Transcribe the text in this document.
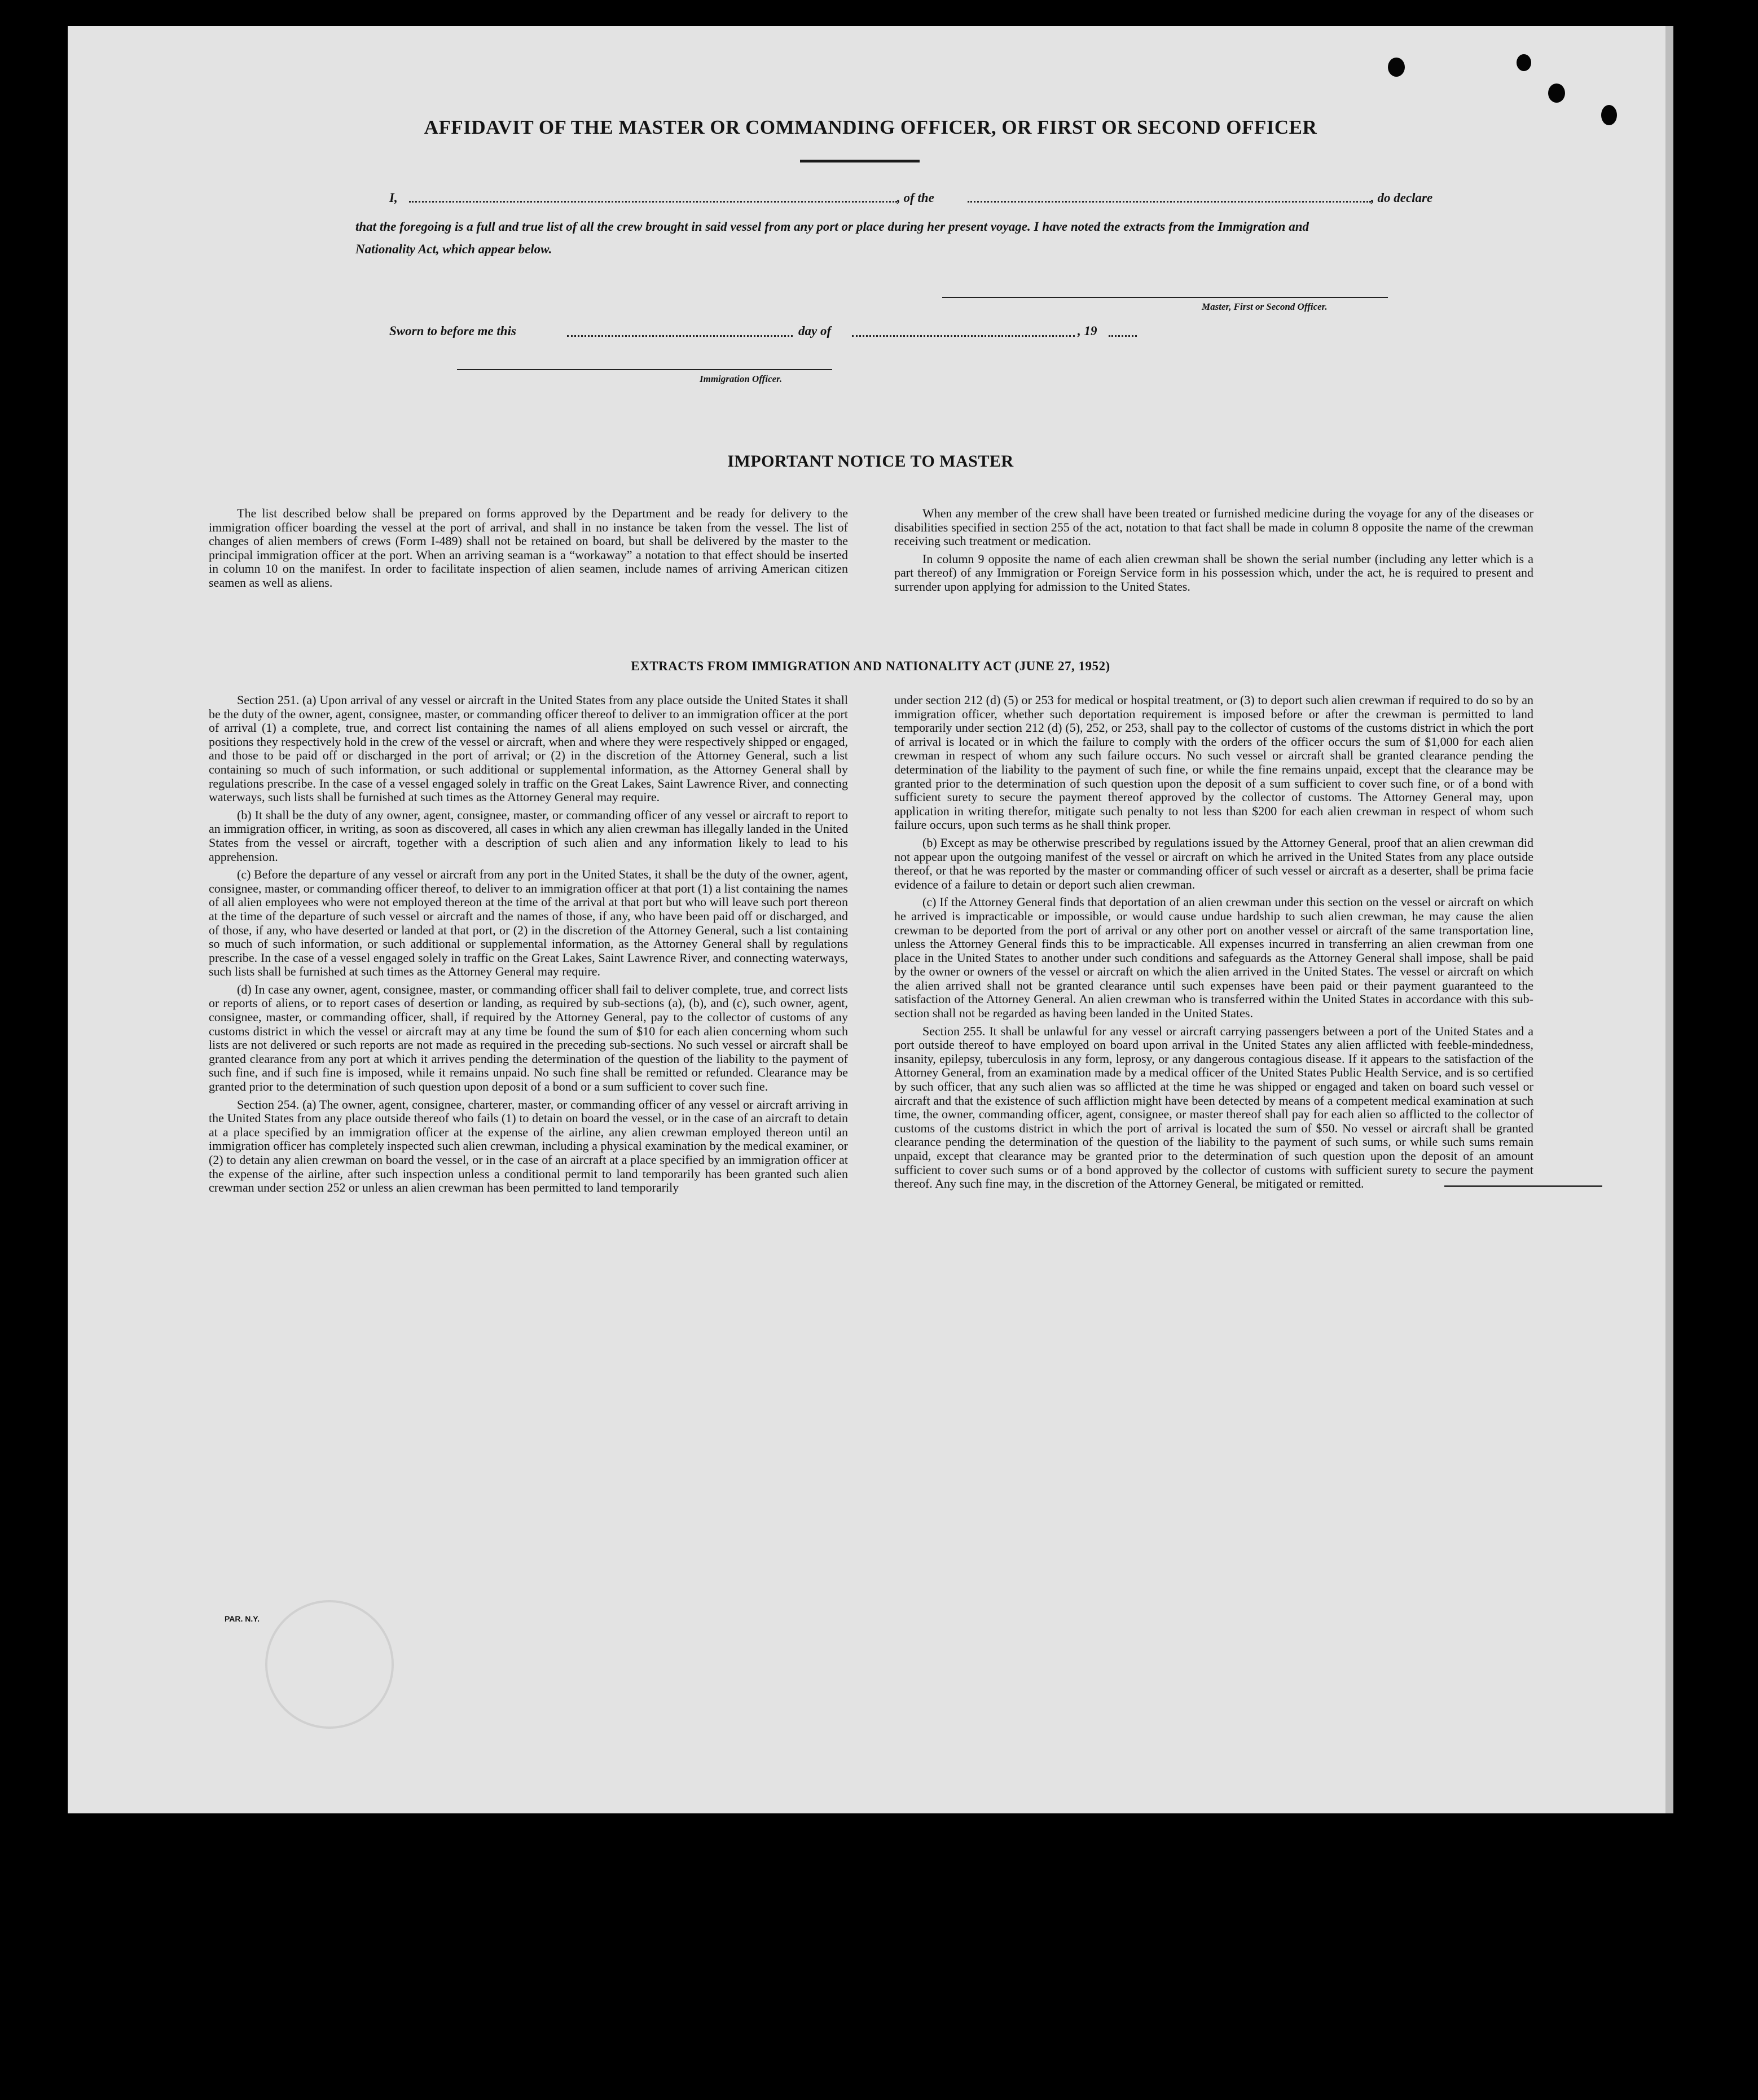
AFFIDAVIT OF THE MASTER OR COMMANDING OFFICER, OR FIRST OR SECOND OFFICER
I,	, of the	, do declare
that the foregoing is a full and true list of all the crew brought in said vessel from any port or place during her present voyage. I have noted the extracts from the Immigration and Nationality Act, which appear below.
Master, First or Second Officer.
Sworn to before me this	day of	, 19
Immigration Officer.
IMPORTANT NOTICE TO MASTER

The list described below shall be prepared on forms approved by the Department and be ready for delivery to the immigration officer boarding the vessel at the port of arrival, and shall in no instance be taken from the vessel. The list of changes of alien members of crews (Form I-489) shall not be retained on board, but shall be delivered by the master to the principal immigration officer at the port. When an arriving seaman is a “workaway” a notation to that effect should be inserted in column 10 on the manifest. In order to facilitate inspection of alien seamen, include names of arriving American citizen seamen as well as aliens.

When any member of the crew shall have been treated or furnished medicine during the voyage for any of the diseases or disabilities specified in section 255 of the act, notation to that fact shall be made in column 8 opposite the name of the crewman receiving such treatment or medication.

In column 9 opposite the name of each alien crewman shall be shown the serial number (including any letter which is a part thereof) of any Immigration or Foreign Service form in his possession which, under the act, he is required to present and surrender upon applying for admission to the United States.

EXTRACTS FROM IMMIGRATION AND NATIONALITY ACT (JUNE 27, 1952)

Section 251. (a) Upon arrival of any vessel or aircraft in the United States from any place outside the United States it shall be the duty of the owner, agent, consignee, master, or commanding officer thereof to deliver to an immigration officer at the port of arrival (1) a complete, true, and correct list containing the names of all aliens employed on such vessel or aircraft, the positions they respectively hold in the crew of the vessel or aircraft, when and where they were respectively shipped or engaged, and those to be paid off or discharged in the port of arrival; or (2) in the discretion of the Attorney General, such a list containing so much of such information, or such additional or supplemental information, as the Attorney General shall by regulations prescribe. In the case of a vessel engaged solely in traffic on the Great Lakes, Saint Lawrence River, and connecting waterways, such lists shall be furnished at such times as the Attorney General may require.

(b) It shall be the duty of any owner, agent, consignee, master, or commanding officer of any vessel or aircraft to report to an immigration officer, in writing, as soon as discovered, all cases in which any alien crewman has illegally landed in the United States from the vessel or aircraft, together with a description of such alien and any information likely to lead to his apprehension.

(c) Before the departure of any vessel or aircraft from any port in the United States, it shall be the duty of the owner, agent, consignee, master, or commanding officer thereof, to deliver to an immigration officer at that port (1) a list containing the names of all alien employees who were not employed thereon at the time of the arrival at that port but who will leave such port thereon at the time of the departure of such vessel or aircraft and the names of those, if any, who have been paid off or discharged, and of those, if any, who have deserted or landed at that port, or (2) in the discretion of the Attorney General, such a list containing so much of such information, or such additional or supplemental information, as the Attorney General shall by regulations prescribe. In the case of a vessel engaged solely in traffic on the Great Lakes, Saint Lawrence River, and connecting waterways, such lists shall be furnished at such times as the Attorney General may require.

(d) In case any owner, agent, consignee, master, or commanding officer shall fail to deliver complete, true, and correct lists or reports of aliens, or to report cases of desertion or landing, as required by sub-sections (a), (b), and (c), such owner, agent, consignee, master, or commanding officer, shall, if required by the Attorney General, pay to the collector of customs of any customs district in which the vessel or aircraft may at any time be found the sum of $10 for each alien concerning whom such lists are not delivered or such reports are not made as required in the preceding sub-sections. No such vessel or aircraft shall be granted clearance from any port at which it arrives pending the determination of the question of the liability to the payment of such fine, and if such fine is imposed, while it remains unpaid. No such fine shall be remitted or refunded. Clearance may be granted prior to the determination of such question upon deposit of a bond or a sum sufficient to cover such fine.

Section 254. (a) The owner, agent, consignee, charterer, master, or commanding officer of any vessel or aircraft arriving in the United States from any place outside thereof who fails (1) to detain on board the vessel, or in the case of an aircraft to detain at a place specified by an immigration officer at the expense of the airline, any alien crewman employed thereon until an immigration officer has completely inspected such alien crewman, including a physical examination by the medical examiner, or (2) to detain any alien crewman on board the vessel, or in the case of an aircraft at a place specified by an immigration officer at the expense of the airline, after such inspection unless a conditional permit to land temporarily has been granted such alien crewman under section 252 or unless an alien crewman has been permitted to land temporarily

under section 212 (d) (5) or 253 for medical or hospital treatment, or (3) to deport such alien crewman if required to do so by an immigration officer, whether such deportation requirement is imposed before or after the crewman is permitted to land temporarily under section 212 (d) (5), 252, or 253, shall pay to the collector of customs of the customs district in which the port of arrival is located or in which the failure to comply with the orders of the officer occurs the sum of $1,000 for each alien crewman in respect of whom any such failure occurs. No such vessel or aircraft shall be granted clearance pending the determination of the liability to the payment of such fine, or while the fine remains unpaid, except that the clearance may be granted prior to the determination of such question upon the deposit of a sum sufficient to cover such fine, or of a bond with sufficient surety to secure the payment thereof approved by the collector of customs. The Attorney General may, upon application in writing therefor, mitigate such penalty to not less than $200 for each alien crewman in respect of whom such failure occurs, upon such terms as he shall think proper.

(b) Except as may be otherwise prescribed by regulations issued by the Attorney General, proof that an alien crewman did not appear upon the outgoing manifest of the vessel or aircraft on which he arrived in the United States from any place outside thereof, or that he was reported by the master or commanding officer of such vessel or aircraft as a deserter, shall be prima facie evidence of a failure to detain or deport such alien crewman.

(c) If the Attorney General finds that deportation of an alien crewman under this section on the vessel or aircraft on which he arrived is impracticable or impossible, or would cause undue hardship to such alien crewman, he may cause the alien crewman to be deported from the port of arrival or any other port on another vessel or aircraft of the same transportation line, unless the Attorney General finds this to be impracticable. All expenses incurred in transferring an alien crewman from one place in the United States to another under such conditions and safeguards as the Attorney General shall impose, shall be paid by the owner or owners of the vessel or aircraft on which the alien arrived in the United States. The vessel or aircraft on which the alien arrived shall not be granted clearance until such expenses have been paid or their payment guaranteed to the satisfaction of the Attorney General. An alien crewman who is transferred within the United States in accordance with this sub-section shall not be regarded as having been landed in the United States.

Section 255. It shall be unlawful for any vessel or aircraft carrying passengers between a port of the United States and a port outside thereof to have employed on board upon arrival in the United States any alien afflicted with feeble-mindedness, insanity, epilepsy, tuberculosis in any form, leprosy, or any dangerous contagious disease. If it appears to the satisfaction of the Attorney General, from an examination made by a medical officer of the United States Public Health Service, and is so certified by such officer, that any such alien was so afflicted at the time he was shipped or engaged and taken on board such vessel or aircraft and that the existence of such affliction might have been detected by means of a competent medical examination at such time, the owner, commanding officer, agent, consignee, or master thereof shall pay for each alien so afflicted to the collector of customs of the customs district in which the port of arrival is located the sum of $50. No vessel or aircraft shall be granted clearance pending the determination of the question of the liability to the payment of such sums, or while such sums remain unpaid, except that clearance may be granted prior to the determination of such question upon the deposit of an amount sufficient to cover such sums or of a bond approved by the collector of customs with sufficient surety to secure the payment thereof. Any such fine may, in the discretion of the Attorney General, be mitigated or remitted.

PAR. N.Y.
